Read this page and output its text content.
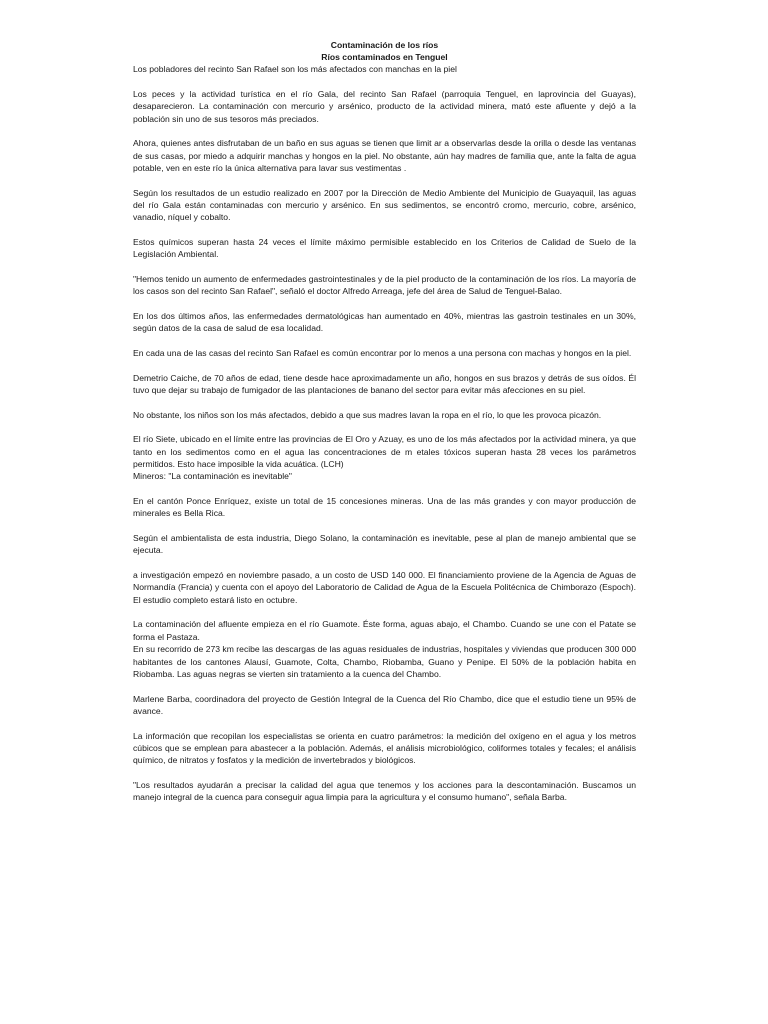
Contaminación de los ríos

Ríos contaminados en Tenguel

Los pobladores del recinto San Rafael son los más afectados con manchas en la piel

Los peces y la actividad turística en el río Gala, del recinto San Rafael (parroquia Tenguel, en laprovincia del Guayas), desaparecieron. La contaminación con mercurio y arsénico, producto de la actividad minera, mató este afluente y dejó a la población sin uno de sus tesoros más preciados.

Ahora, quienes antes disfrutaban de un baño en sus aguas se tienen que limit ar a observarlas desde la orilla o desde las ventanas de sus casas, por miedo a adquirir manchas y hongos en la piel. No obstante, aún hay madres de familia que, ante la falta de agua potable, ven en este río la única alternativa para lavar sus vestimentas .

Según los resultados de un estudio realizado en 2007 por la Dirección de Medio Ambiente del Municipio de Guayaquil, las aguas del río Gala están contaminadas con mercurio y arsénico. En sus sedimentos, se encontró cromo, mercurio, cobre, arsénico, vanadio, níquel y cobalto.

Estos químicos superan hasta 24 veces el límite máximo permisible establecido en los Criterios de Calidad de Suelo de la Legislación Ambiental.

"Hemos tenido un aumento de enfermedades gastrointestinales y de la piel producto de la contaminación de los ríos. La mayoría de los casos son del recinto San Rafael", señaló el doctor Alfredo Arreaga, jefe del área de Salud de Tenguel-Balao.

En los dos últimos años, las enfermedades dermatológicas han aumentado en 40%, mientras las gastroin testinales en un 30%, según datos de la casa de salud de esa localidad.

En cada una de las casas del recinto San Rafael es común encontrar por lo menos a una persona con machas y hongos en la piel.

Demetrio Caiche, de 70 años de edad, tiene desde hace aproximadamente un año, hongos en sus brazos y detrás de sus oídos. Él tuvo que dejar su trabajo de fumigador de las plantaciones de banano del sector para evitar más afecciones en su piel.

No obstante, los niños son los más afectados, debido a que sus madres lavan la ropa en el río, lo que les provoca picazón.

El río Siete, ubicado en el límite entre las provincias de El Oro y Azuay, es uno de los más afectados por la actividad minera, ya que tanto en los sedimentos como en el agua las concentraciones de m etales tóxicos superan hasta 28 veces los parámetros permitidos. Esto hace imposible la vida acuática. (LCH)

Mineros: "La contaminación es inevitable"

En el cantón Ponce Enríquez, existe un total de 15 concesiones mineras. Una de las más grandes y con mayor producción de minerales es Bella Rica.

Según el ambientalista de esta industria, Diego Solano, la contaminación es inevitable, pese al plan de manejo ambiental que se ejecuta.

a investigación empezó en noviembre pasado, a un costo de USD 140 000. El financiamiento proviene de la Agencia de Aguas de Normandía (Francia) y cuenta con el apoyo del Laboratorio de Calidad de Agua de la Escuela Politécnica de Chimborazo (Espoch). El estudio completo estará listo en octubre.

La contaminación del afluente empieza en el río Guamote. Éste forma, aguas abajo, el Chambo. Cuando se une con el Patate se forma el Pastaza.

En su recorrido de 273 km recibe las descargas de las aguas residuales de industrias, hospitales y viviendas que producen 300 000 habitantes de los cantones Alausí, Guamote, Colta, Chambo, Riobamba, Guano y Penipe. El 50% de la población habita en Riobamba. Las aguas negras se vierten sin tratamiento a la cuenca del Chambo.

Marlene Barba, coordinadora del proyecto de Gestión Integral de la Cuenca del Río Chambo, dice que el estudio tiene un 95% de avance.

La información que recopilan los especialistas se orienta en cuatro parámetros: la medición del oxígeno en el agua y los metros cúbicos que se emplean para abastecer a la población. Además, el análisis microbiológico, coliformes totales y fecales; el análisis químico, de nitratos y fosfatos y la medición de invertebrados y biológicos.

"Los resultados ayudarán a precisar la calidad del agua que tenemos y los acciones para la descontaminación. Buscamos un manejo integral de la cuenca para conseguir agua limpia para la agricultura y el consumo humano", señala Barba.
